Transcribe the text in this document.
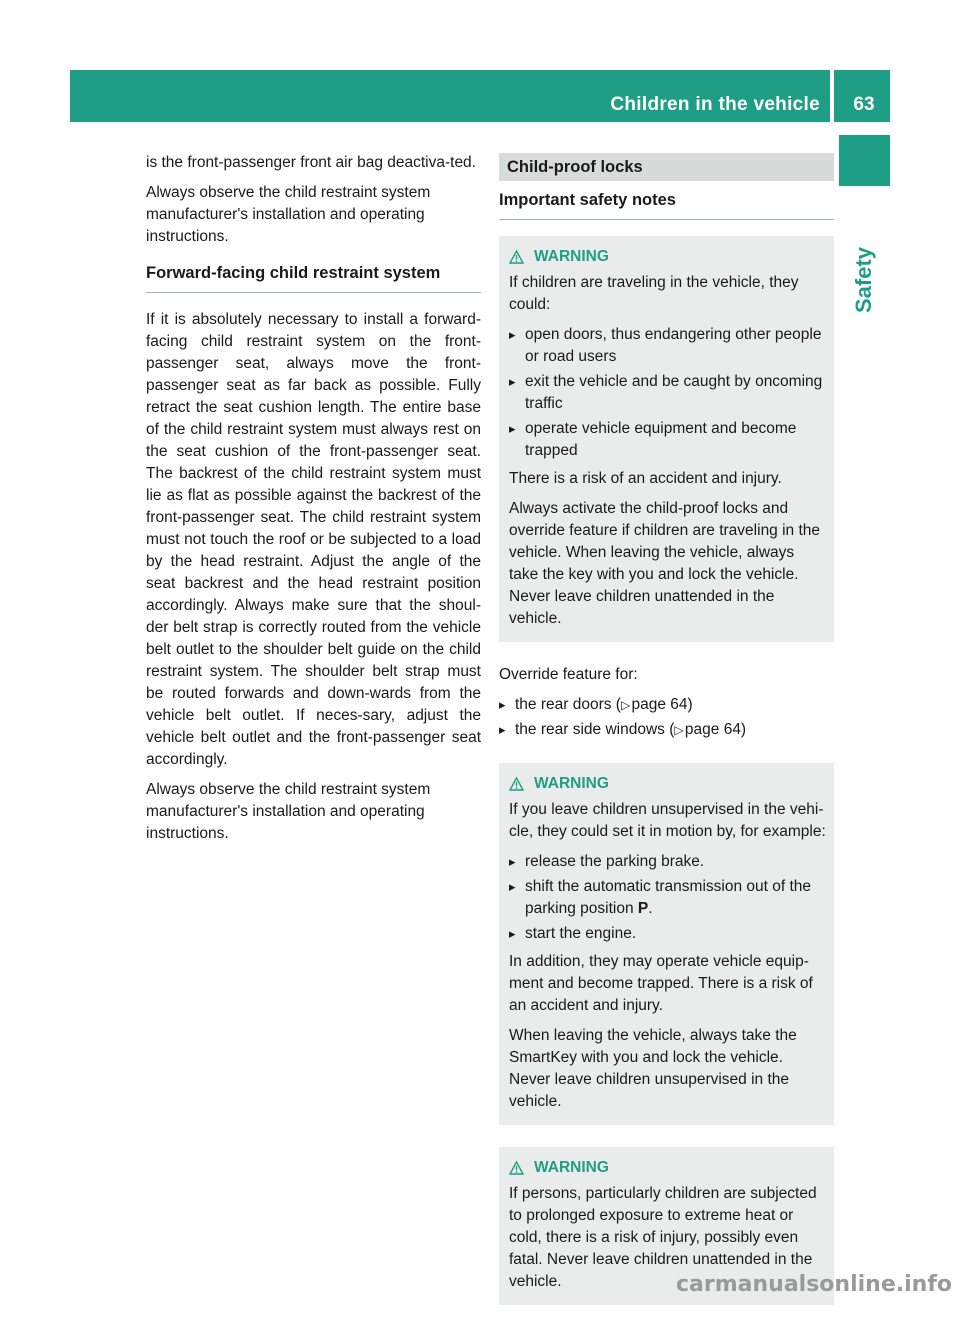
Children in the vehicle	63
Safety

is the front-passenger front air bag deactiva-ted.

Always observe the child restraint system manufacturer's installation and operating instructions.

Forward-facing child restraint system

If it is absolutely necessary to install a forward-facing child restraint system on the front-passenger seat, always move the front-passenger seat as far back as possible. Fully retract the seat cushion length. The entire base of the child restraint system must always rest on the seat cushion of the front-passenger seat. The backrest of the child restraint system must lie as flat as possible against the backrest of the front-passenger seat. The child restraint system must not touch the roof or be subjected to a load by the head restraint. Adjust the angle of the seat backrest and the head restraint position accordingly. Always make sure that the shoul-der belt strap is correctly routed from the vehicle belt outlet to the shoulder belt guide on the child restraint system. The shoulder belt strap must be routed forwards and down-wards from the vehicle belt outlet. If neces-sary, adjust the vehicle belt outlet and the front-passenger seat accordingly.

Always observe the child restraint system manufacturer's installation and operating instructions.

Child-proof locks
Important safety notes
WARNING

If children are traveling in the vehicle, they could:

▸ open doors, thus endangering other people or road users
▸ exit the vehicle and be caught by oncoming traffic
▸ operate vehicle equipment and become trapped

There is a risk of an accident and injury.

Always activate the child-proof locks and override feature if children are traveling in the vehicle. When leaving the vehicle, always take the key with you and lock the vehicle. Never leave children unattended in the vehicle.

Override feature for:

▸ the rear doors (▷ page 64)
▸ the rear side windows (▷ page 64)
WARNING

If you leave children unsupervised in the vehi-cle, they could set it in motion by, for example:

▸ release the parking brake.
▸ shift the automatic transmission out of the parking position P.
▸ start the engine.

In addition, they may operate vehicle equip-ment and become trapped. There is a risk of an accident and injury.

When leaving the vehicle, always take the SmartKey with you and lock the vehicle. Never leave children unsupervised in the vehicle.

WARNING

If persons, particularly children are subjected to prolonged exposure to extreme heat or cold, there is a risk of injury, possibly even fatal. Never leave children unattended in the vehicle.	carmanualsonline.info
